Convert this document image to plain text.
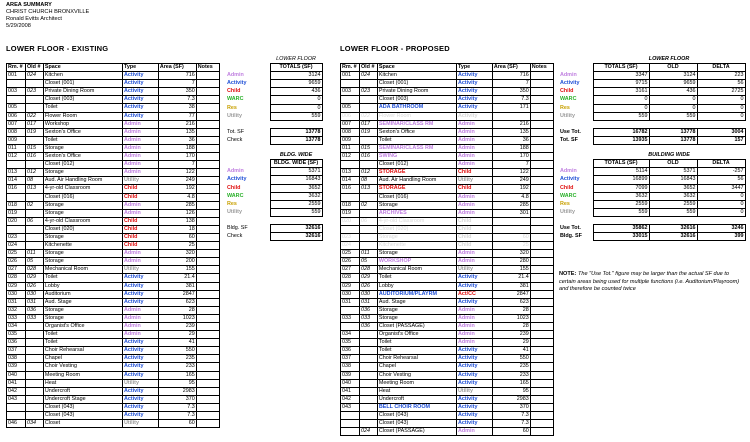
AREA SUMMARY
CHRIST CHURCH BRONXVILLE
Ronald Evitts Architect
5/29/2008
LOWER FLOOR - EXISTING	LOWER FLOOR - PROPOSED
Rm. #	Old #	Space	Type	Area (SF)	Notes
001	024	Kitchen	Activity	716	
		Closet (001)	Activity	7	
003	023	Private Dining Room	Activity	350	
		Closet (003)	Activity	7.3	
005		Toilet	Activity	38	
006	022	Flower Room	Activity	77	
007	017	Workshop	Admin	216	
008	019	Sexton's Office	Admin	135	
009		Toilet	Admin	36	
011	015	Storage	Admin	188	
012	016	Sexton's Office	Admin	170	
		Closet (012)	Admin	7	
013	012	Storage	Admin	122	
014	08	Aud. Air Handling Room	Utility	249	
016	013	4-yr-old Classroom	Child	192	
		Closet (016)	Child	4.8	
018	02	Storage	Admin	285	
019		Storage	Admin	126	
020	06	4-yr-old Classroom	Child	138	
		Closet (020)	Child	18	
023		Storage	Child	60	
024		Kitchenette	Child	25	
025	011	Storage	Admin	320	
026	05	Storage	Admin	200	
027	028	Mechanical Room	Utility	155	
028	029	Toilet	Activity	21.4	
029	026	Lobby	Activity	381	
030	030	Auditorium	Activity	2847	
031	031	Aud. Stage	Activity	623	
032	036	Storage	Admin	28	
033	033	Storage	Admin	1023	
034		Organist's Office	Admin	239	
035		Toilet	Admin	29	
036		Toilet	Activity	41	
037		Choir Rehearsal	Activity	550	
038		Chapel	Activity	235	
039		Choir Vesting	Activity	233	
040		Meeting Room	Activity	165	
041		Heat	Utility	95	
042		Undercroft	Activity	2983	
043		Undercroft Stage	Activity	370	
		Closet (043)	Activity	7.3	
		Closet (043)	Activity	7.3	
046	034	Closet	Utility	60	
	LOWER FLOOR
	TOTALS (SF)
Admin	3124
Activity	9659
Child	436
WARC	0
Res	0
Utility	559

Tot. SF	13778
Check	13778

	BLDG. WIDE
	BLDG. WIDE (SF)
Admin	5371
Activity	16843
Child	3652
WARC	3632
Res	2559
Utility	559

Bldg. SF	32616
Check	32616
Rm. #	Old #	Space	Type	Area (SF)	Notes
001	024	Kitchen	Activity	716	
		Closet (001)	Activity	7	
003	023	Private Dining Room	Activity	350	
		Closet (003)	Activity	7.3	
005		ADA BATHROOM	Activity	171	
006	022	Flower Room	Activity		
007	017	SEMINAR/CLASS RM	Admin	216	
008	019	Sexton's Office	Admin	135	
009		Toilet	Admin	36	
011	015	SEMINAR/CLASS RM	Admin	188	
012	016	SWING	Admin	170	
		Closet (012)	Admin	7	
013	012	STORAGE	Child	122	
014	08	Aud. Air Handling Room	Utility	249	
016	013	STORAGE	Child	192	
		Closet (016)	Admin	4.8	
018	02	Storage	Admin	285	
019		ARCHIVES	Admin	301	
020	06	4-yr-old Classroom	Child		
		Closet (020)	Child		
023		Storage	Child	60	
024		Kitchenette	Child	25	
025	011	Storage	Admin	320	
026	05	WORKSHOP	Admin	280	
027	028	Mechanical Room	Utility	155	
028	029	Toilet	Activity	21.4	
029	026	Lobby	Activity	381	
030	030	AUDITORIUM/PLAYRM	Act/CC	2847	
031	031	Aud. Stage	Activity	623	
	036	Storage	Admin	28	
033	033	Storage	Admin	1023	
	036	Closet (PASSAGE)	Admin	28	
034		Organist's Office	Admin	239	
035		Toilet	Admin	29	
036		Toilet	Activity	41	
037		Choir Rehearsal	Activity	550	
038		Chapel	Activity	235	
039		Choir Vesting	Activity	233	
040		Meeting Room	Activity	165	
041		Heat	Utility	95	
042		Undercroft	Activity	2983	
043		BELL CHOIR ROOM	Activity	370	
		Closet (043)	Activity	7.3	
		Closet (043)	Activity	7.3	
	024	Closet (PASSAGE)	Admin	60	
	LOWER FLOOR		
	TOTALS (SF)	OLD	DELTA
Admin	3347	3124	223
Activity	9715	9659	56
Child	3161	436	2725
WARC	0	0	0
Res	0	0	0
Utility	559	559	0

Use Tot.	16782	13778	3004
Tot. SF	13935	13778	157

	BUILDING WIDE		
	TOTALS (SF)	OLD	DELTA
Admin	5114	5371	-257
Activity	16899	16843	56
Child	7099	3652	3447
WARC	3632	3632	0
Res	2559	2559	0
Utility	559	559	0

Use Tot.	35862	32616	3246
Bldg. SF	33015	32616	399
NOTE: The "Use Tot." figure may be larger than the actual SF due to certain areas being used for multiple functions (i.e. Auditorium/Playroom) and therefore be counted twice
